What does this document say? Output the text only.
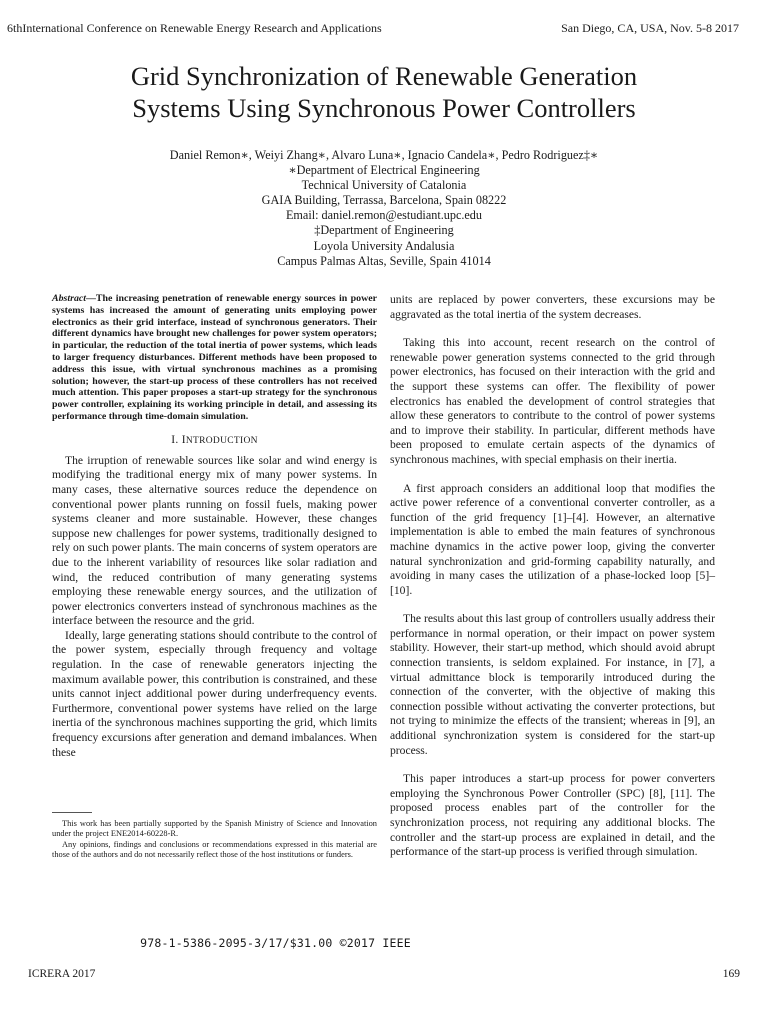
6thInternational Conference on Renewable Energy Research and Applications	San Diego, CA, USA, Nov. 5-8 2017
Grid Synchronization of Renewable Generation
Systems Using Synchronous Power Controllers
Daniel Remon∗, Weiyi Zhang∗, Alvaro Luna∗, Ignacio Candela∗, Pedro Rodriguez‡∗
∗Department of Electrical Engineering
Technical University of Catalonia
GAIA Building, Terrassa, Barcelona, Spain 08222
Email: daniel.remon@estudiant.upc.edu
‡Department of Engineering
Loyola University Andalusia
Campus Palmas Altas, Seville, Spain 41014

Abstract—The increasing penetration of renewable energy sources in power systems has increased the amount of generating units employing power electronics as their grid interface, instead of synchronous generators. Their different dynamics have brought new challenges for power system operators; in particular, the reduction of the total inertia of power systems, which leads to larger frequency disturbances. Different methods have been proposed to address this issue, with virtual synchronous machines as a promising solution; however, the start-up process of these controllers has not received much attention. This paper proposes a start-up strategy for the synchronous power controller, explaining its working principle in detail, and assessing its performance through time-domain simulation.

I. INTRODUCTION

The irruption of renewable sources like solar and wind energy is modifying the traditional energy mix of many power systems. In many cases, these alternative sources reduce the dependence on conventional power plants running on fossil fuels, making power systems cleaner and more sustainable. However, these changes suppose new challenges for power systems, traditionally designed to rely on such power plants. The main concerns of system operators are due to the inherent variability of resources like solar radiation and wind, the reduced contribution of many generating systems employing these renewable energy sources, and the utilization of power electronics converters instead of synchronous machines as the interface between the resource and the grid.

Ideally, large generating stations should contribute to the control of the power system, especially through frequency and voltage regulation. In the case of renewable generators injecting the maximum available power, this contribution is constrained, and these units cannot inject additional power during underfrequency events. Furthermore, conventional power systems have relied on the large inertia of the synchronous machines supporting the grid, which limits frequency excursions after generation and demand imbalances. When these

units are replaced by power converters, these excursions may be aggravated as the total inertia of the system decreases.

Taking this into account, recent research on the control of renewable power generation systems connected to the grid through power electronics, has focused on their interaction with the grid and the support these systems can offer. The flexibility of power electronics has enabled the development of control strategies that allow these generators to contribute to the control of power systems and to improve their stability. In particular, different methods have been proposed to emulate certain aspects of the dynamics of synchronous machines, with special emphasis on their inertia.

A first approach considers an additional loop that modifies the active power reference of a conventional converter controller, as a function of the grid frequency [1]–[4]. However, an alternative implementation is able to embed the main features of synchronous machine dynamics in the active power loop, giving the converter natural synchronization and grid-forming capability naturally, and avoiding in many cases the utilization of a phase-locked loop [5]–[10].

The results about this last group of controllers usually address their performance in normal operation, or their impact on power system stability. However, their start-up method, which should avoid abrupt connection transients, is seldom explained. For instance, in [7], a virtual admittance block is temporarily introduced during the connection of the converter, with the objective of making this connection possible without activating the converter protections, but not trying to minimize the effects of the transient; whereas in [9], an additional synchronization system is considered for the start-up process.

This paper introduces a start-up process for power converters employing the Synchronous Power Controller (SPC) [8], [11]. The proposed process enables part of the controller for the synchronization process, not requiring any additional blocks. The controller and the start-up process are explained in detail, and the performance of the start-up process is verified through simulation.

This work has been partially supported by the Spanish Ministry of Science and Innovation under the project ENE2014-60228-R.

Any opinions, findings and conclusions or recommendations expressed in this material are those of the authors and do not necessarily reflect those of the host institutions or funders.

978-1-5386-2095-3/17/$31.00 ©2017 IEEE
ICRERA 2017	169
